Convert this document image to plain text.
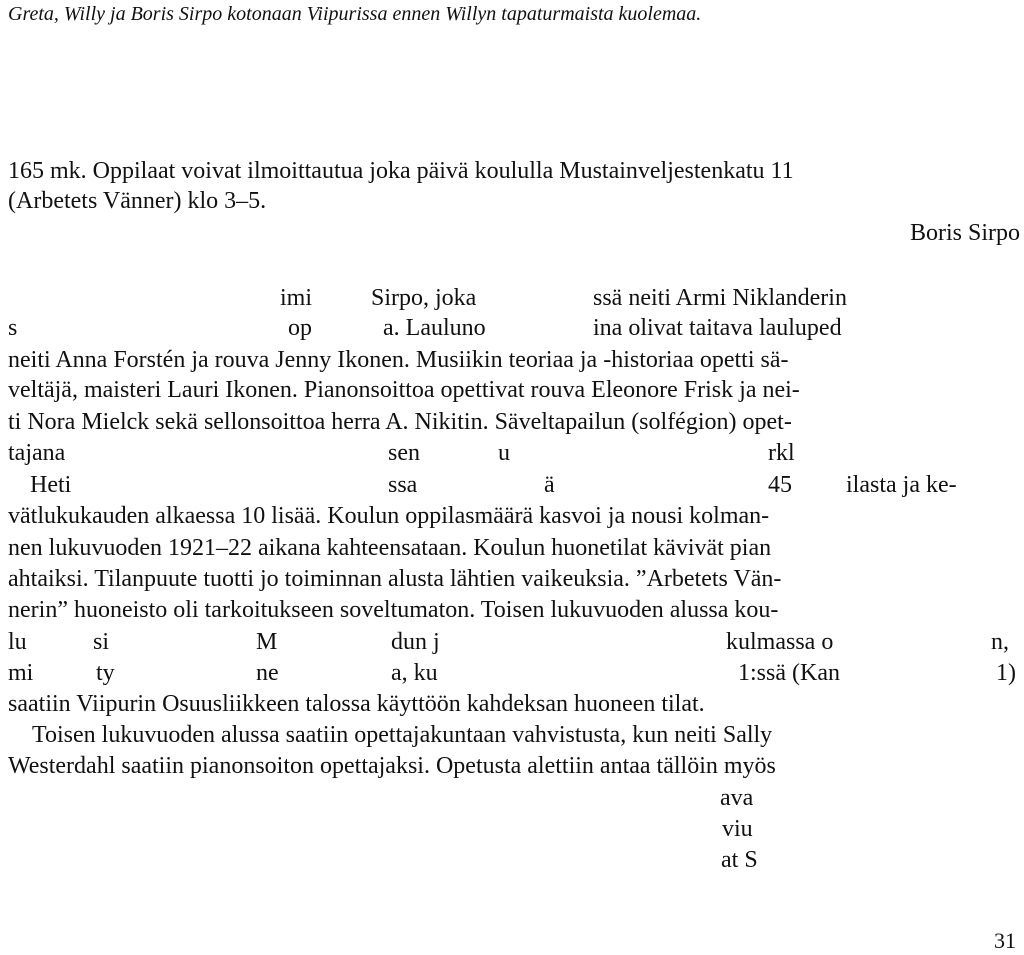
Greta, Willy ja Boris Sirpo kotonaan Viipurissa ennen Willyn tapaturmaista kuolemaa.
165 mk. Oppilaat voivat ilmoittautua joka päivä koululla Mustainveljestenkatu 11
(Arbetets Vänner) klo 3–5.
Boris Sirpo
imi Sirpo, joka	ssä neiti Armi Niklanderin
s	op	a. Lauluno	ina olivat taitava lauluped
neiti Anna Forstén ja rouva Jenny Ikonen. Musiikin teoriaa ja -historiaa opetti sä-
veltäjä, maisteri Lauri Ikonen. Pianonsoittoa opettivat rouva Eleonore Frisk ja nei-
ti Nora Mielck sekä sellonsoittoa herra A. Nikitin. Säveltapailun (solfégion) opet-
tajana	sen	u	rkl
Heti	ssa	ä	45 ilasta ja ke-
vätlukukauden alkaessa 10 lisää. Koulun oppilasmäärä kasvoi ja nousi kolman-
nen lukuvuoden 1921–22 aikana kahteensataan. Koulun huonetilat kävivät pian
ahtaiksi. Tilanpuute tuotti jo toiminnan alusta lähtien vaikeuksia. ”Arbetets Vän-
nerin” huoneisto oli tarkoitukseen soveltumaton. Toisen lukuvuoden alussa kou-
lu	si	M	dun j	kulmassa o	n,
mi	ty	ne	a, ku	1:ssä (Kan	1)
saatiin Viipurin Osuusliikkeen talossa käyttöön kahdeksan huoneen tilat.
Toisen lukuvuoden alussa saatiin opettajakuntaan vahvistusta, kun neiti Sally
Westerdahl saatiin pianonsoiton opettajaksi. Opetusta alettiin antaa tällöin myös
ava
viu
at S
31
